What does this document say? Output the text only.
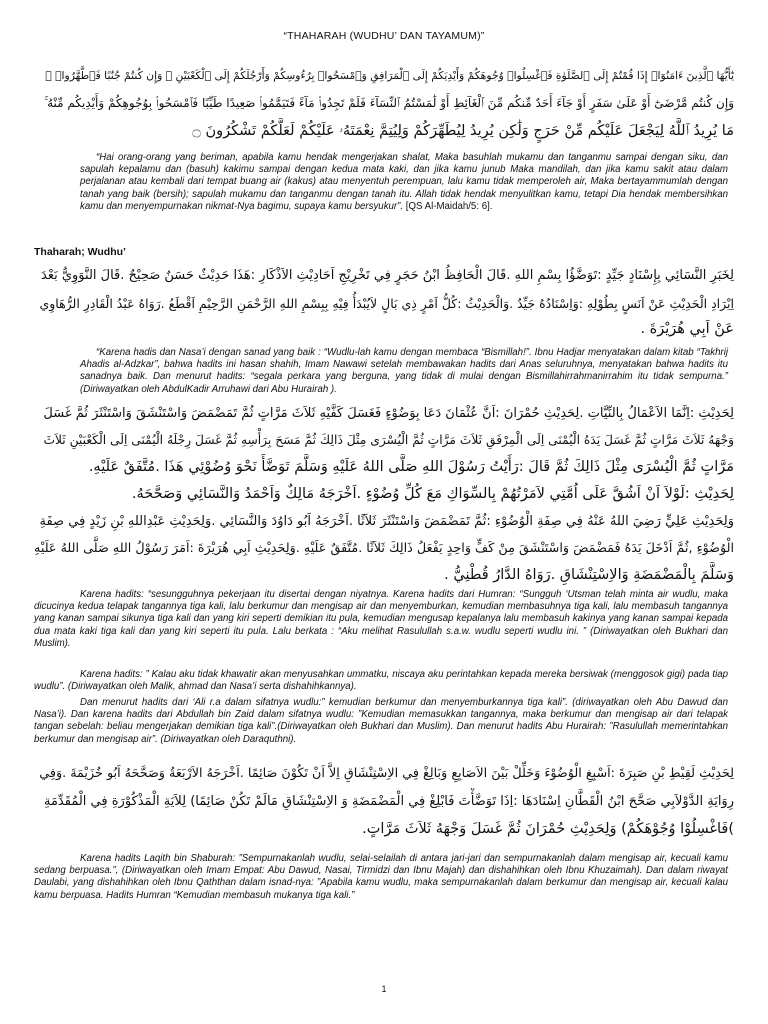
“THAHARAH (WUDHU’ DAN TAYAMUM)”
يَٰٓأَيُّهَا ٱلَّذِينَ ءَامَنُوٓا۟ إِذَا قُمْتُمْ إِلَى ٱلصَّلَوٰةِ فَٱغْسِلُوا۟ وُجُوهَكُمْ وَأَيْدِيَكُمْ إِلَى ٱلْمَرَافِقِ وَٱمْسَحُوا۟ بِرُءُوسِكُمْ وَأَرْجُلَكُمْ إِلَى ٱلْكَعْبَيْنِ ۚ وَإِن كُنتُمْ جُنُبًا فَٱطَّهَّرُوا۟ ۚ
وَإِن كُنتُم مَّرْضَىٰٓ أَوْ عَلَىٰ سَفَرٍ أَوْ جَآءَ أَحَدٌ مِّنكُم مِّنَ ٱلْغَآئِطِ أَوْ لَٰمَسْتُمُ ٱلنِّسَآءَ فَلَمْ تَجِدُوا۟ مَآءً فَتَيَمَّمُوا۟ صَعِيدًا طَيِّبًا فَٱمْسَحُوا۟ بِوُجُوهِكُمْ وَأَيْدِيكُم مِّنْهُ ۚ
مَا يُرِيدُ ٱللَّهُ لِيَجْعَلَ عَلَيْكُم مِّنْ حَرَجٍ وَلَٰكِن يُرِيدُ لِيُطَهِّرَكُمْ وَلِيُتِمَّ نِعْمَتَهُۥ عَلَيْكُمْ لَعَلَّكُمْ تَشْكُرُونَ ۝
“Hai orang-orang yang beriman, apabila kamu hendak mengerjakan shalat, Maka basuhlah mukamu dan tanganmu sampai dengan siku, dan sapulah kepalamu dan (basuh) kakimu sampai dengan kedua mata kaki, dan jika kamu junub Maka mandilah, dan jika kamu sakit atau dalam perjalanan atau kembali dari tempat buang air (kakus) atau menyentuh perempuan, lalu kamu tidak memperoleh air, Maka bertayammumlah dengan tanah yang baik (bersih); sapulah mukamu dan tanganmu dengan tanah itu. Allah tidak hendak menyulitkan kamu, tetapi Dia hendak membersihkan kamu dan menyempurnakan nikmat-Nya bagimu, supaya kamu bersyukur”. [QS Al-Maidah/5: 6].
Thaharah; Wudhu’
لِخَبَرِ النَّسَائِي بِإِسْنَادٍ جَيِّدٍ :تَوَضَّؤُا بِسْمِ اللهِ .قَالَ الْحَافِظُ ابْنُ حَجَرٍ فِي تَخْرِيْجِ اَحَادِيْثِ الاَذْكَارِ :هَذَا حَدِيْثٌ حَسَنٌ صَحِيْحٌ .قَالَ النَّوَوِيُّ بَعْدَ
اِيْرَادِ الْحَدِيْثِ عَنْ اَنَسٍ بِطُوْلِهِ :وَاِسْنَادُهُ جَيِّدٌ .وَالْحَدِيْثُ :كُلُّ اَمْرٍ ذِي بَالٍ لاَيُبْدَأُ فِيْهِ بِبِسْمِ اللهِ الرَّحْمَنِ الرَّحِيْمِ اَقْطَعُ .رَوَاهُ عَبْدُ الْقَادِرِ الرُّهَاوِي
عَنْ اَبِي هُرَيْرَةَ .
“Karena hadis dan Nasa’i dengan sanad yang baik : “Wudlu-lah kamu dengan membaca “Bismillah!”. Ibnu Hadjar menyatakan dalam kitab “Takhrij Ahadis al-Adzkar”, bahwa hadits ini hasan shahih, Imam Nawawi setelah membawakan hadits dari Anas seluruhnya, menyatakan bahwa hadits itu sanadnya baik. Dan menurut hadits: “segala perkara yang berguna, yang tidak di mulai dengan Bismillahirrahmanirrahim itu tidak sempurna.” (Diriwayatkan oleh AbdulKadir Arruhawi dari Abu Hurairah ).
لِحَدِيْثِ :اِنَّمَا الاَعْمَالُ بِالنِّيَّاتِ .لِحَدِيْثِ حُمْرَانَ :اَنَّ عُثْمَانَ دَعَا بِوَضُوْءٍ فَغَسَلَ كَفَّيْهِ ثَلاَثَ مَرَّاتٍ ثُمَّ تَمَضْمَضَ وَاسْتَنْشَقَ وَاسْتَنْثَرَ ثُمَّ غَسَلَ
وَجْهَهُ ثَلاَثَ مَرَّاتٍ ثُمَّ غَسَلَ يَدَهُ الْيُمْنَى اِلَى الْمِرْفَقِ ثَلاَثَ مَرَّاتٍ ثُمَّ الْيُسْرَى مِثْلَ ذَالِكَ ثُمَّ مَسَحَ بِرَأْسِهِ ثُمَّ غَسَلَ رِجْلَهُ الْيُمْنَى اِلَى الْكَعْبَيْنِ ثَلاَثَ
مَرَّاتٍ ثُمَّ الْيُسْرَى مِثْلَ ذَالِكَ ثُمَّ قَالَ :رَأَيْتُ رَسُوْلَ اللهِ صَلَّى اللهُ عَلَيْهِ وَسَلَّمَ تَوَضَّأَ نَحْوَ وُضُوْئِي هَذَا .مُتَّفَقٌ عَلَيْهِ.
لِحَدِيْثِ :لَوْلاَ اَنْ اَشُقَّ عَلَى اُمَّتِي لاَمَرْتُهُمْ بِالسِّوَاكِ مَعَ كُلِّ وُضُوْءٍ .اَخْرَجَهُ مَالِكٌ وَاَحْمَدُ وَالنَّسَائِي وَصَحَّحَهُ.
وَلِحَدِيْثِ عَلِيٍّ رَضِيَ اللهُ عَنْهُ فِي صِفَةِ الْوُضُوْءِ :ثُمَّ تَمَضْمَضَ وَاسْتَنْثَرَ ثَلاَثًا .اَخْرَجَهُ اَبُو دَاوُدَ وَالنَّسَائِي .وَلِحَدِيْثِ عَبْدِاللهِ بْنِ زَيْدٍ فِي صِفَةِ
الْوُضُوْءِ ,ثُمَّ اَدْخَلَ يَدَهُ فَمَضْمَضَ وَاسْتَنْشَقَ مِنْ كَفٍّ وَاحِدٍ يَفْعَلُ ذَالِكَ ثَلاَثًا .مُتَّفَقٌ عَلَيْهِ .وَلِحَدِيْثِ اَبِي هُرَيْرَةَ :اَمَرَ رَسُوْلُ اللهِ صَلَّى اللهُ عَلَيْهِ
وَسَلَّمَ بِالْمَضْمَضَةِ وَالاِسْتِنْشَاقِ .رَوَاهُ الدَّارُ قُطْنِيُّ .
Karena hadits: “sesungguhnya pekerjaan itu disertai dengan niyatnya. Karena hadits dari Humran: “Sungguh ‘Utsman telah minta air wudlu, maka dicucinya kedua telapak tangannya tiga kali, lalu berkumur dan mengisap air dan menyemburkan, kemudian membasuhnya tiga kali, lalu membasuh tangannya yang kanan sampai sikunya tiga kali dan yang kiri seperti demikian itu pula, kemudian mengusap kepalanya lalu membasuh kakinya yang kanan sampai kepada dua mata kaki tiga kali dan yang kiri seperti itu pula. Lalu berkata : “Aku melihat Rasulullah s.a.w. wudlu seperti wudlu ini. ” (Diriwayatkan oleh Bukhari dan Muslim).
Karena hadits: ” Kalau aku tidak khawatir akan menyusahkan ummatku, niscaya aku perintahkan kepada mereka bersiwak (menggosok gigi) pada tiap wudlu”. (Diriwayatkan oleh Malik, ahmad dan Nasa’i serta dishahihkannya).
Dan menurut hadits dari ‘Ali r.a dalam sifatnya wudlu:” kemudian berkumur dan menyemburkannya tiga kali”. (diriwayatkan oleh Abu Dawud dan Nasa’i). Dan karena hadits dari Abdullah bin Zaid dalam sifatnya wudlu: ”Kemudian memasukkan tangannya, maka berkumur dan mengisap air dari telapak tangan sebelah: beliau mengerjakan demikian tiga kali”.(Diriwayatkan oleh Bukhari dan Muslim). Dan menurut hadits Abu Hurairah: ”Rasulullah memerintahkan berkumur dan mengisap air”. (Diriwayatkan oleh Daraquthni).
لِحَدِيْثِ لَقِيْطِ بْنِ صَبِرَةَ :اَسْبِغِ الْوُضُوْءَ وَخَلِّلْ بَيْنَ الاَصَابِعِ وَبَالِغْ فِي الاِسْتِنْشَاقِ اِلاَّ اَنْ تَكُوْنَ صَائِمًا .اَخْرَجَهُ الاَرْبَعَةُ وَصَحَّحَهُ اَبُو خُزَيْمَةَ .وَفِي
رِوَايَةِ الدَّوْلاَبِي صَحَّحَ ابْنُ الْقَطَّانِ اِسْنَادَهَا :اِذَا تَوَضَّأْتَ فَابْلِغْ فِي الْمَضْمَضَةِ وَ الاِسْتِنْشَاقِ مَالَمْ تَكُنْ صَائِمًا) لِلاَيَةِ الْمَذْكُوْرَةِ فِي الْمُقَدِّمَةِ
)فَاغْسِلُوْا وُجُوْهَكُمْ) وَلِحَدِيْثِ حُمْرَانَ ثُمَّ غَسَلَ وَجْهَهُ ثَلاَثَ مَرَّاتٍ.
Karena hadits Laqith bin Shaburah: ”Sempurnakanlah wudlu, selai-selailah di antara jari-jari dan sempurnakanlah dalam mengisap air, kecuali kamu sedang berpuasa.”, (Diriwayatkan oleh Imam Empat: Abu Dawud, Nasai, Tirmidzi dan Ibnu Majah) dan dishahihkan oleh Ibnu Khuzaimah). Dan dalam riwayat Daulabi, yang dishahihkan oleh Ibnu Qaththan dalam isnad-nya: ”Apabila kamu wudlu, maka sempurnakanlah dalam berkumur dan mengisap air, kecuali kalau kamu berpuasa. Hadits Humran “Kemudian membasuh mukanya tiga kali.”
1
